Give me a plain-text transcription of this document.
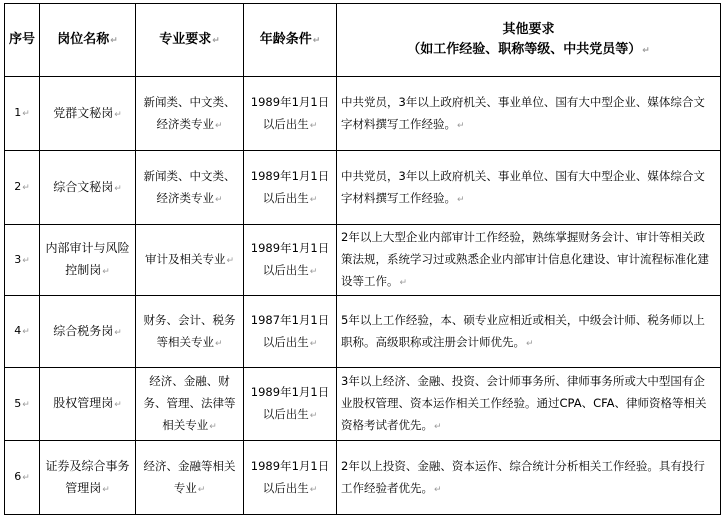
序号	岗位名称↵	专业要求↵	年龄条件↵	其他要求
（如工作经验、职称等级、中共党员等）↵

1↵	党群文秘岗↵	新闻类、中文类、经济类专业↵	1989年1月1日以后出生↵	中共党员，3年以上政府机关、事业单位、国有大中型企业、媒体综合文字材料撰写工作经验。↵
2↵	综合文秘岗↵	新闻类、中文类、经济类专业↵	1989年1月1日以后出生↵	中共党员，3年以上政府机关、事业单位、国有大中型企业、媒体综合文字材料撰写工作经验。↵
3↵	内部审计与风险控制岗↵	审计及相关专业↵	1989年1月1日以后出生↵	2年以上大型企业内部审计工作经验，熟练掌握财务会计、审计等相关政策法规，系统学习过或熟悉企业内部审计信息化建设、审计流程标准化建设等工作。↵
4↵	综合税务岗↵	财务、会计、税务等相关专业↵	1987年1月1日以后出生↵	5年以上工作经验，本、硕专业应相近或相关，中级会计师、税务师以上职称。高级职称或注册会计师优先。↵
5↵	股权管理岗↵	经济、金融、财务、管理、法律等相关专业↵	1989年1月1日以后出生↵	3年以上经济、金融、投资、会计师事务所、律师事务所或大中型国有企业股权管理、资本运作相关工作经验。通过CPA、CFA、律师资格等相关资格考试者优先。↵
6↵	证券及综合事务管理岗↵	经济、金融等相关专业↵	1989年1月1日以后出生↵	2年以上投资、金融、资本运作、综合统计分析相关工作经验。具有投行工作经验者优先。↵
